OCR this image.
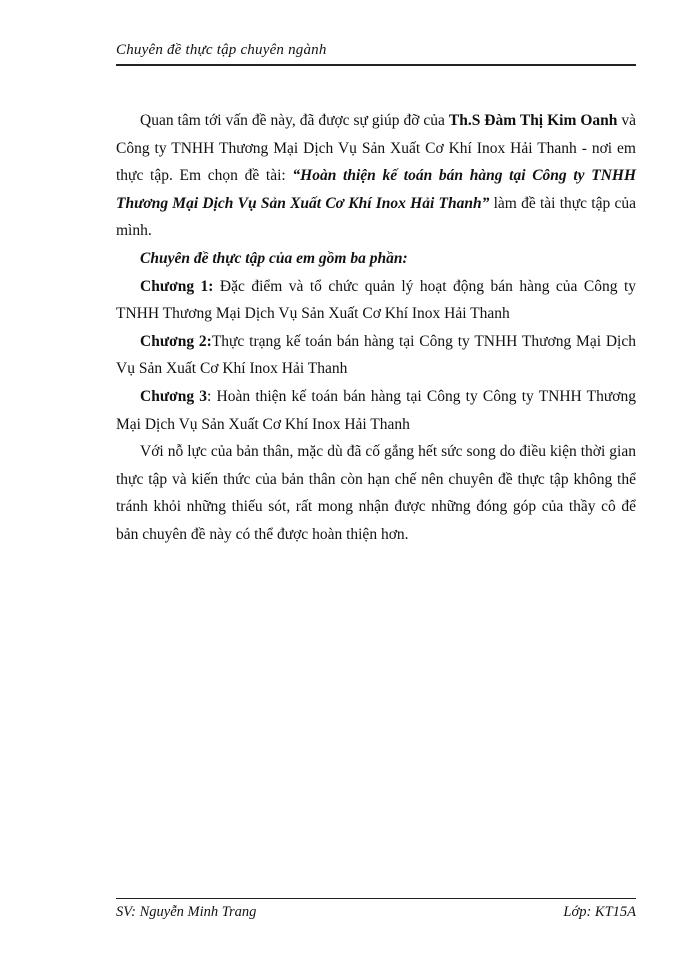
Chuyên đề thực tập chuyên ngành

Quan tâm tới vấn đề này, đã được sự giúp đỡ của Th.S Đàm Thị Kim Oanh và Công ty TNHH Thương Mại Dịch Vụ Sản Xuất Cơ Khí Inox Hải Thanh - nơi em thực tập. Em chọn đề tài: “Hoàn thiện kế toán bán hàng tại Công ty TNHH Thương Mại Dịch Vụ Sản Xuất Cơ Khí Inox Hải Thanh” làm đề tài thực tập của mình.

Chuyên đề thực tập của em gồm ba phần:

Chương 1: Đặc điểm và tổ chức quản lý hoạt động bán hàng của Công ty TNHH Thương Mại Dịch Vụ Sản Xuất Cơ Khí Inox Hải Thanh

Chương 2:Thực trạng kế toán bán hàng tại Công ty TNHH Thương Mại Dịch Vụ Sản Xuất Cơ Khí Inox Hải Thanh

Chương 3: Hoàn thiện kế toán bán hàng tại Công ty Công ty TNHH Thương Mại Dịch Vụ Sản Xuất Cơ Khí Inox Hải Thanh

Với nỗ lực của bản thân, mặc dù đã cố gắng hết sức song do điều kiện thời gian thực tập và kiến thức của bản thân còn hạn chế nên chuyên đề thực tập không thể tránh khỏi những thiếu sót, rất mong nhận được những đóng góp của thầy cô để bản chuyên đề này có thể được hoàn thiện hơn.

SV: Nguyễn Minh Trang	Lớp: KT15A
